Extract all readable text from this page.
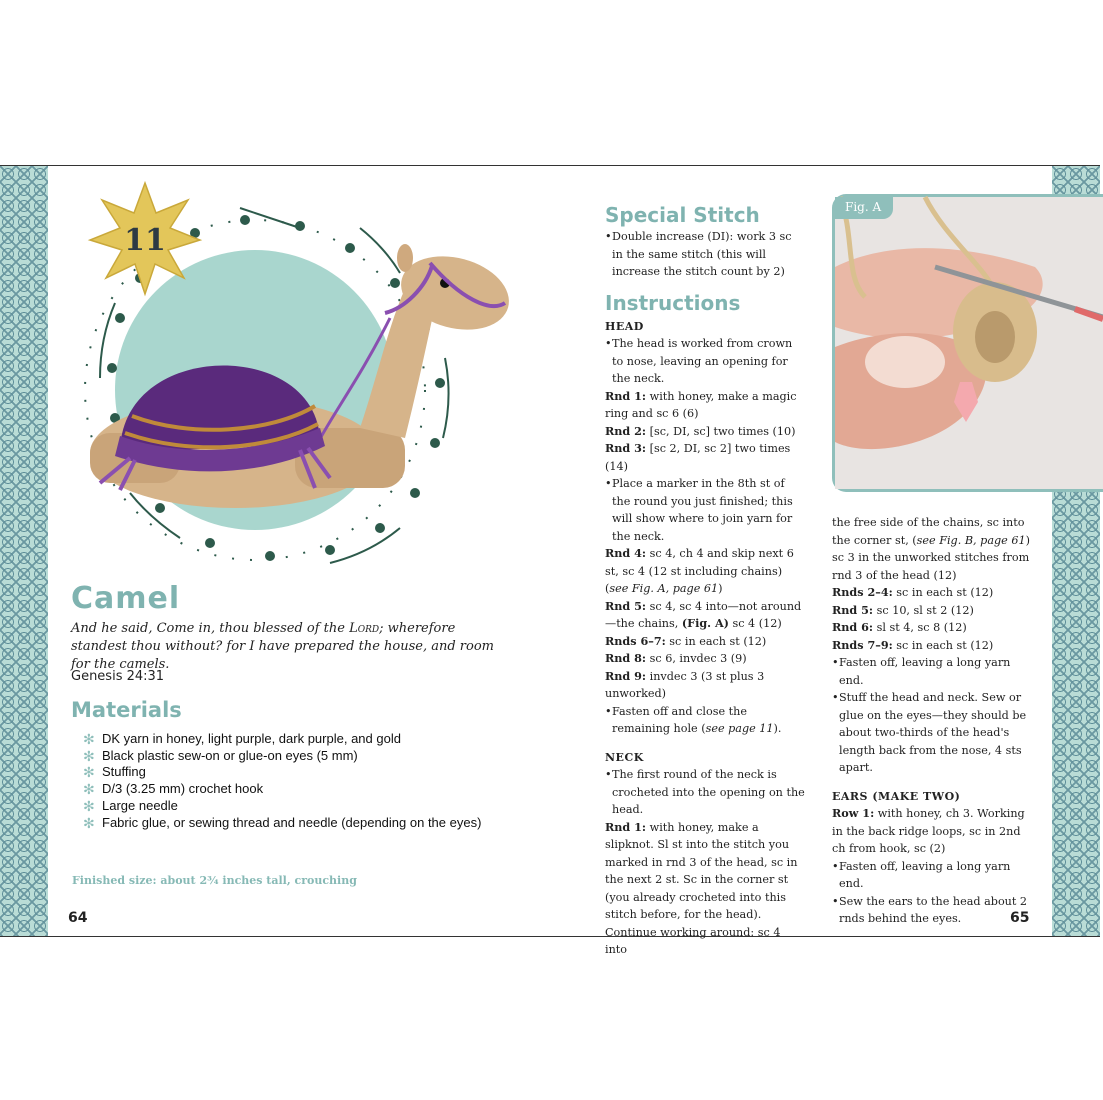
11
Camel

And he said, Come in, thou blessed of the Lord; wherefore standest thou without? for I have prepared the house, and room for the camels.

Genesis 24:31

Materials
✻ DK yarn in honey, light purple, dark purple, and gold
✻ Black plastic sew-on or glue-on eyes (5 mm)
✻ Stuffing
✻ D/3 (3.25 mm) crochet hook
✻ Large needle
✻ Fabric glue, or sewing thread and needle (depending on the eyes)

Finished size: about 2¾ inches tall, crouching

64

Special Stitch

• Double increase (DI): work 3 sc in the same stitch (this will increase the stitch count by 2)

Instructions

HEAD

• The head is worked from crown to nose, leaving an opening for the neck.

Rnd 1: with honey, make a magic ring and sc 6 (6)

Rnd 2: [sc, DI, sc] two times (10)

Rnd 3: [sc 2, DI, sc 2] two times (14)

• Place a marker in the 8th st of the round you just finished; this will show where to join yarn for the neck.

Rnd 4: sc 4, ch 4 and skip next 6 st, sc 4 (12 st including chains) (see Fig. A, page 61)

Rnd 5: sc 4, sc 4 into—not around—the chains, (Fig. A) sc 4 (12)

Rnds 6–7: sc in each st (12)

Rnd 8: sc 6, invdec 3 (9)

Rnd 9: invdec 3 (3 st plus 3 unworked)

• Fasten off and close the remaining hole (see page 11).

NECK

• The first round of the neck is crocheted into the opening on the head.

Rnd 1: with honey, make a slipknot. Sl st into the stitch you marked in rnd 3 of the head, sc in the next 2 st. Sc in the corner st (you already crocheted into this stitch before, for the head). Continue working around: sc 4 into

Fig. A

the free side of the chains, sc into the corner st, (see Fig. B, page 61) sc 3 in the unworked stitches from rnd 3 of the head (12)

Rnds 2–4: sc in each st (12)

Rnd 5: sc 10, sl st 2 (12)

Rnd 6: sl st 4, sc 8 (12)

Rnds 7–9: sc in each st (12)

• Fasten off, leaving a long yarn end.

• Stuff the head and neck. Sew or glue on the eyes—they should be about two-thirds of the head's length back from the nose, 4 sts apart.

EARS (MAKE TWO)

Row 1: with honey, ch 3. Working in the back ridge loops, sc in 2nd ch from hook, sc (2)

• Fasten off, leaving a long yarn end.

• Sew the ears to the head about 2 rnds behind the eyes.	65
